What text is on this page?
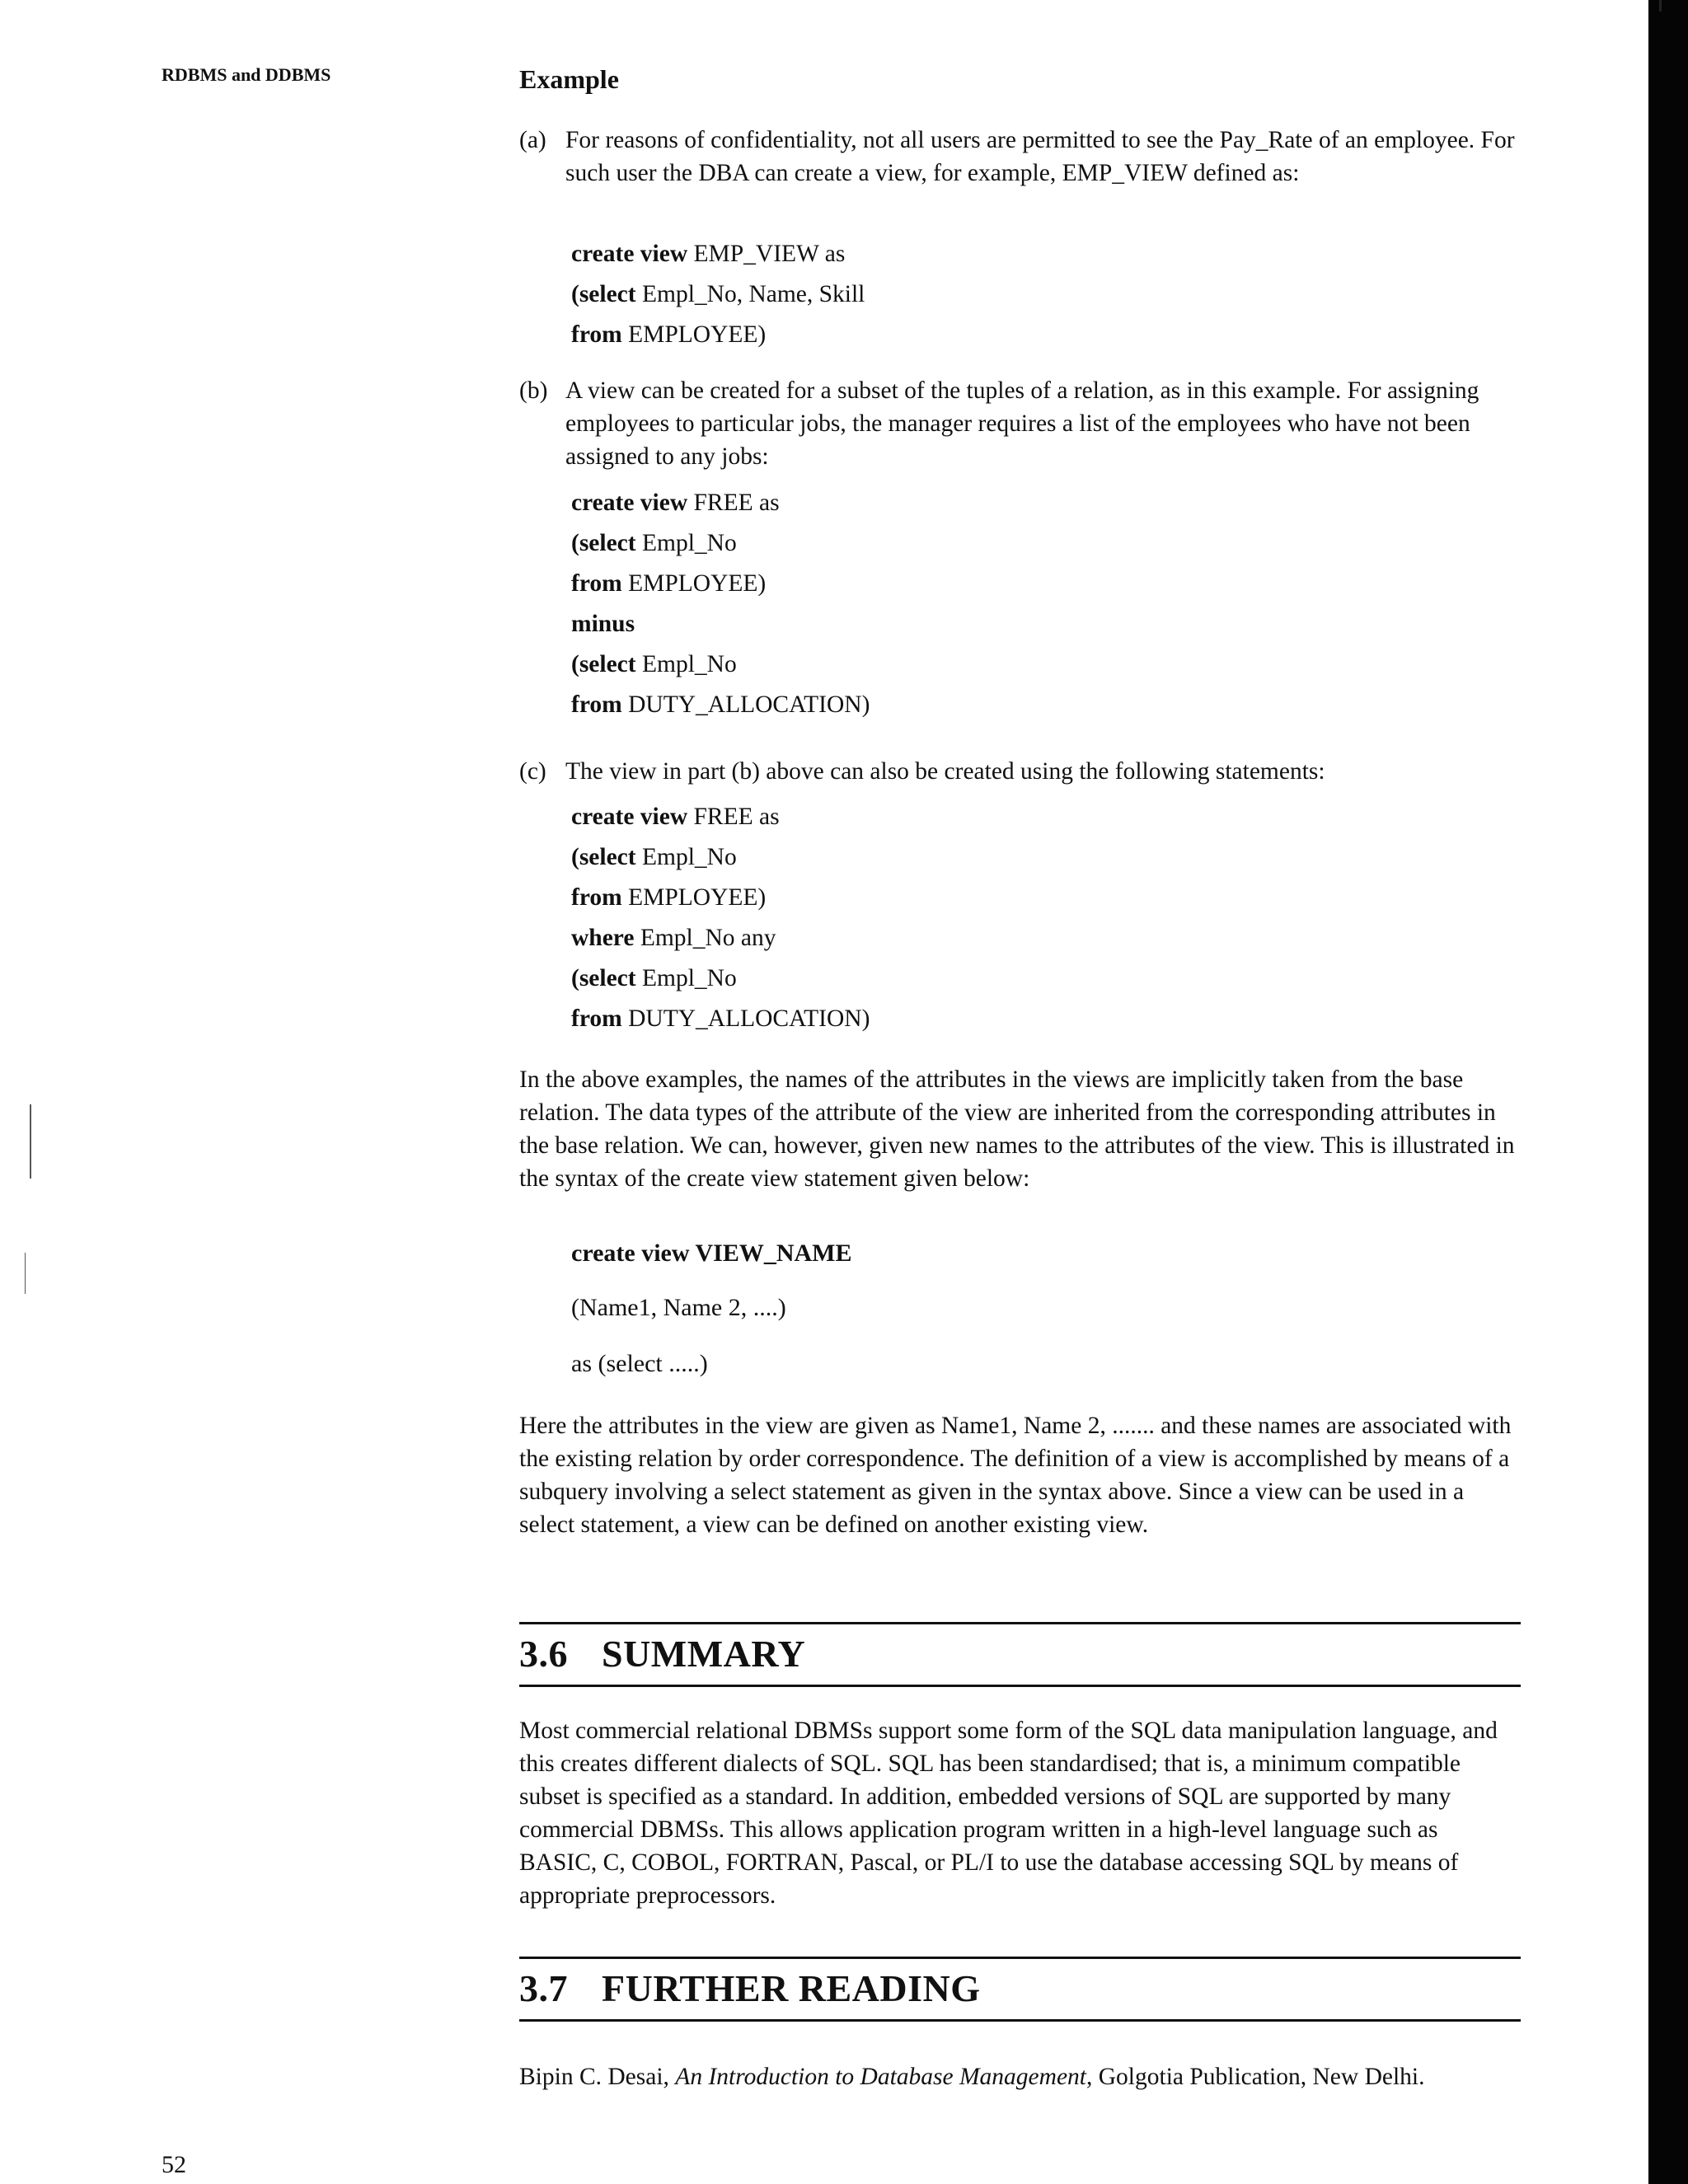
RDBMS and DDBMS	Example
(a) For reasons of confidentiality, not all users are permitted to see the Pay_Rate of an employee. For such user the DBA can create a view, for example, EMP_VIEW defined as:
create view EMP_VIEW as
(select Empl_No, Name, Skill
from EMPLOYEE)
(b) A view can be created for a subset of the tuples of a relation, as in this example. For assigning employees to particular jobs, the manager requires a list of the employees who have not been assigned to any jobs:
create view FREE as
(select Empl_No
from EMPLOYEE)
minus
(select Empl_No
from DUTY_ALLOCATION)
(c) The view in part (b) above can also be created using the following statements:
create view FREE as
(select Empl_No
from EMPLOYEE)
where Empl_No any
(select Empl_No
from DUTY_ALLOCATION)
In the above examples, the names of the attributes in the views are implicitly taken from the base relation. The data types of the attribute of the view are inherited from the corresponding attributes in the base relation. We can, however, given new names to the attributes of the view. This is illustrated in the syntax of the create view statement given below:
create view VIEW_NAME
(Name1, Name 2, ....)
as (select .....)
Here the attributes in the view are given as Name1, Name 2, ....... and these names are associated with the existing relation by order correspondence. The definition of a view is accomplished by means of a subquery involving a select statement as given in the syntax above. Since a view can be used in a select statement, a view can be defined on another existing view.
3.6 SUMMARY
Most commercial relational DBMSs support some form of the SQL data manipulation language, and this creates different dialects of SQL. SQL has been standardised; that is, a minimum compatible subset is specified as a standard. In addition, embedded versions of SQL are supported by many commercial DBMSs. This allows application program written in a high-level language such as BASIC, C, COBOL, FORTRAN, Pascal, or PL/I to use the database accessing SQL by means of appropriate preprocessors.
3.7 FURTHER READING
Bipin C. Desai, An Introduction to Database Management, Golgotia Publication, New Delhi.
52
